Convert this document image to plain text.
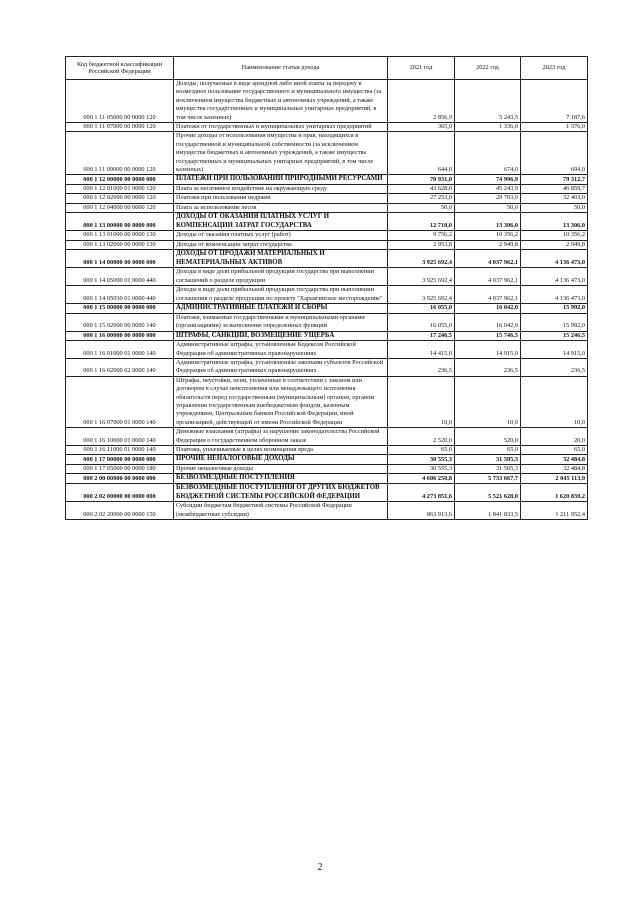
Код бюджетной классификации Российской Федерации	Наименование статьи дохода	2021 год	2022 год	2023 год
000 1 11 05000 00 0000 120	Доходы, получаемые в виде арендной либо иной платы за передачу в возмездное пользование государственного и муниципального имущества (за исключением имущества бюджетных и автономных учреждений, а также имущества государственных и муниципальных унитарных предприятий, в том числе казенных)	2 856,9	5 243,5	7 187,6
000 1 11 07000 00 0000 120	Платежи от государственных и муниципальных унитарных предприятий	365,0	1 336,0	1 376,0
000 1 11 09000 00 0000 120	Прочие доходы от использования имущества и прав, находящихся в государственной и муниципальной собственности (за исключением имущества бюджетных и автономных учреждений, а также имущества государственных и муниципальных унитарных предприятий, в том числе казенных)	644,0	674,0	694,0
000 1 12 00000 00 0000 000	ПЛАТЕЖИ ПРИ ПОЛЬЗОВАНИИ ПРИРОДНЫМИ РЕСУРСАМИ	70 931,0	74 996,9	79 312,7
000 1 12 01000 01 0000 120	Плата за негативное воздействие на окружающую среду	43 628,0	45 243,9	46 859,7
000 1 12 02000 00 0000 120	Платежи при пользовании недрами	27 253,0	29 703,0	32 403,0
000 1 12 04000 00 0000 120	Плата за использование лесов	50,0	50,0	50,0
000 1 13 00000 00 0000 000	ДОХОДЫ ОТ ОКАЗАНИЯ ПЛАТНЫХ УСЛУГ И КОМПЕНСАЦИИ ЗАТРАТ ГОСУДАРСТВА	12 710,0	13 306,0	13 306,0
000 1 13 01000 00 0000 130	Доходы от оказания платных услуг (работ)	9 756,2	10 356,2	10 356,2
000 1 13 02000 00 0000 130	Доходы от компенсации затрат государства	2 953,8	2 949,8	2 949,8
000 1 14 00000 00 0000 000	ДОХОДЫ ОТ ПРОДАЖИ МАТЕРИАЛЬНЫХ И НЕМАТЕРИАЛЬНЫХ АКТИВОВ	3 925 692,4	4 037 962,1	4 136 473,0
000 1 14 05000 01 0000 440	Доходы в виде доли прибыльной продукции государства при выполнении соглашений о разделе продукции	3 925 692,4	4 037 962,1	4 136 473,0
000 1 14 05030 01 0000 440	Доходы в виде доли прибыльной продукции государства при выполнении соглашения о разделе продукции по проекту "Харьягинское месторождение"	3 925 692,4	4 037 962,1	4 136 473,0
000 1 15 00000 00 0000 000	АДМИНИСТРАТИВНЫЕ ПЛАТЕЖИ И СБОРЫ	16 055,0	16 042,0	15 992,0
000 1 15 02000 00 0000 140	Платежи, взимаемые государственными и муниципальными органами (организациями) за выполнение определенных функций	16 055,0	16 042,0	15 992,0
000 1 16 00000 00 0000 000	ШТРАФЫ, САНКЦИИ, ВОЗМЕЩЕНИЕ УЩЕРБА	17 246,5	15 746,5	15 246,5
000 1 16 01000 01 0000 140	Административные штрафы, установленные Кодексом Российской Федерации об административных правонарушениях	14 415,0	14 915,0	14 915,0
000 1 16 02000 02 0000 140	Административные штрафы, установленные законами субъектов Российской Федерации об административных правонарушениях	236,5	236,5	236,5
000 1 16 07000 01 0000 140	Штрафы, неустойки, пени, уплаченные в соответствии с законом или договором в случае неисполнения или ненадлежащего исполнения обязательств перед государственным (муниципальным) органом, органом управления государственным внебюджетным фондом, казенным учреждением, Центральным банком Российской Федерации, иной организацией, действующей от имени Российской Федерации	10,0	10,0	10,0
000 1 16 10000 01 0000 140	Денежные взыскания (штрафы) за нарушение законодательства Российской Федерации о государственном оборонном заказе	2 520,0	520,0	20,0
000 1 16 11000 01 0000 140	Платежи, уплачиваемые в целях возмещения вреда	65,0	65,0	65,0
000 1 17 00000 00 0000 000	ПРОЧИЕ НЕНАЛОГОВЫЕ ДОХОДЫ	30 555,3	31 505,3	32 484,8
000 1 17 05000 00 0000 180	Прочие неналоговые доходы	30 555,3	31 505,3	32 484,8
000 2 00 00000 00 0000 000	БЕЗВОЗМЕЗДНЫЕ ПОСТУПЛЕНИЯ	4 606 250,8	5 733 667,7	2 045 113,9
000 2 02 00000 00 0000 000	БЕЗВОЗМЕЗДНЫЕ ПОСТУПЛЕНИЯ ОТ ДРУГИХ БЮДЖЕТОВ БЮДЖЕТНОЙ СИСТЕМЫ РОССИЙСКОЙ ФЕДЕРАЦИИ	4 273 851,6	5 521 628,0	1 620 839,2
000 2 02 20000 00 0000 150	Субсидии бюджетам бюджетной системы Российской Федерации (межбюджетные субсидии)	863 913,6	1 841 833,5	1 211 952,4
2
